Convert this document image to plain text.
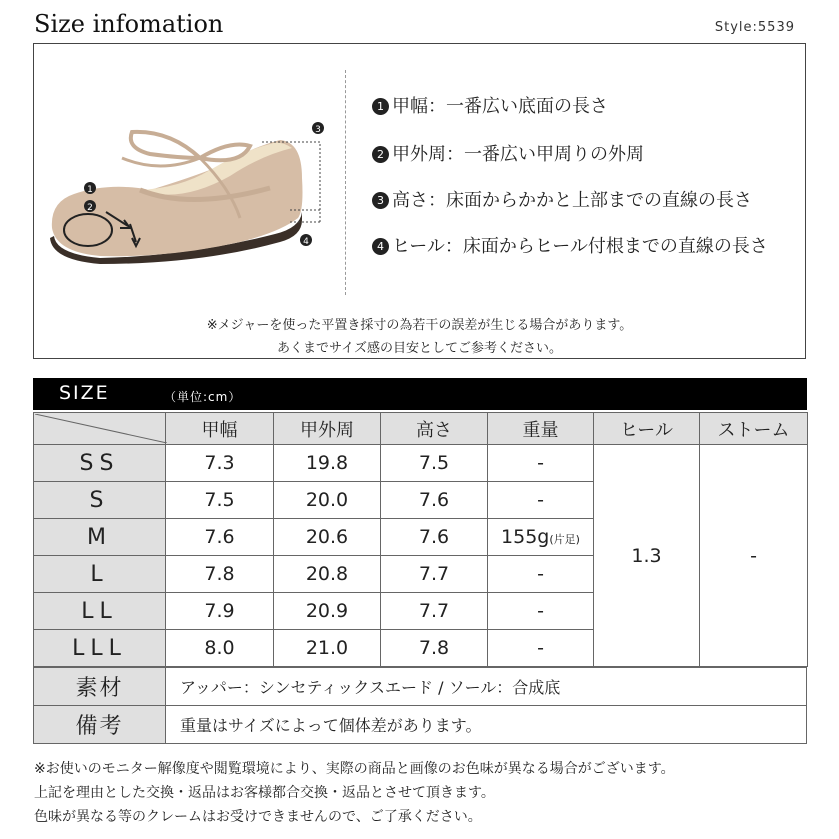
Size infomation	Style:5539
2
1
3
4
1 甲幅：一番広い底面の長さ
2 甲外周：一番広い甲周りの外周
3 高さ：床面からかかと上部までの直線の長さ
4 ヒール：床面からヒール付根までの直線の長さ
※メジャーを使った平置き採寸の為若干の誤差が生じる場合があります。
あくまでサイズ感の目安としてご参考ください。
SIZE	（単位:cm）
	甲幅	甲外周	高さ	重量	ヒール	ストーム
SS	7.3	19.8	7.5	-	1.3	-
S	7.5	20.0	7.6	-		
M	7.6	20.6	7.6	155g(片足)		
L	7.8	20.8	7.7	-		
LL	7.9	20.9	7.7	-		
LLL	8.0	21.0	7.8	-		
素材	アッパー：シンセティックスエード / ソール：合成底
備考	重量はサイズによって個体差があります。
※お使いのモニター解像度や閲覧環境により、実際の商品と画像のお色味が異なる場合がございます。
上記を理由とした交換・返品はお客様都合交換・返品とさせて頂きます。
色味が異なる等のクレームはお受けできませんので、ご了承ください。
